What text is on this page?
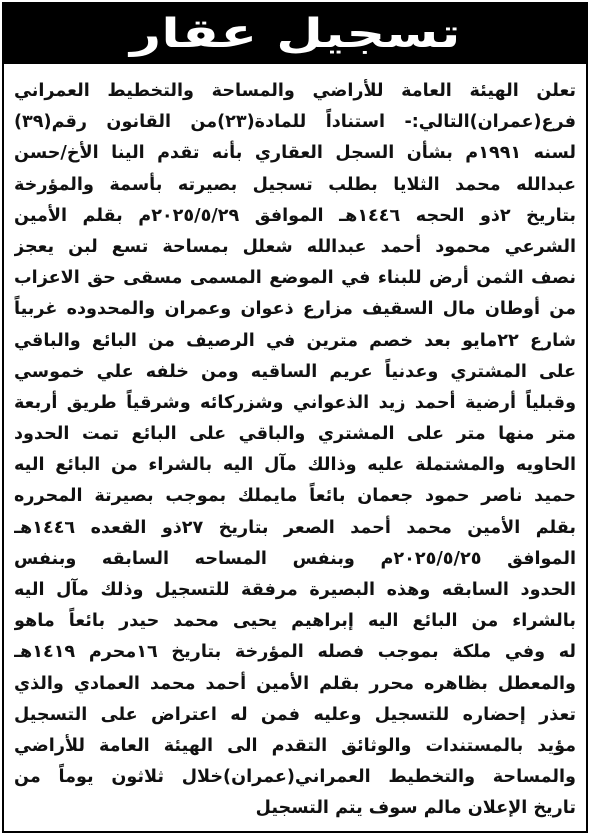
تسجيل عقار
تعلن الهيئة العامة للأراضي والمساحة والتخطيط العمراني
فرع(عمران)التالي:- استناداً للمادة(٢٣)من القانون رقم(٣٩)
لسنه ١٩٩١م بشأن السجل العقاري بأنه تقدم الينا الأخ/حسن
عبدالله محمد الثلايا بطلب تسجيل بصيرته بأسمة والمؤرخة
بتاريخ ٢ذو الحجه ١٤٤٦هـ الموافق ٢٠٢٥/٥/٢٩م بقلم الأمين
الشرعي محمود أحمد عبدالله شعلل بمساحة تسع لبن يعجز
نصف الثمن أرض للبناء في الموضع المسمى مسقى حق الاعزاب
من أوطان مال السقيف مزارع ذعوان وعمران والمحدوده غربياً
شارع ٢٢مايو بعد خصم مترين في الرصيف من البائع والباقي
على المشتري وعدنياً عريم الساقيه ومن خلفه علي خموسي
وقبلياً أرضية أحمد زيد الذعواني وشزركائه وشرقياً طريق أربعة
متر منها متر على المشتري والباقي على البائع تمت الحدود
الحاويه والمشتملة عليه وذالك مآل اليه بالشراء من البائع اليه
حميد ناصر حمود جعمان بائعاً مايملك بموجب بصيرتة المحرره
بقلم الأمين محمد أحمد الصعر بتاريخ ٢٧ذو القعده ١٤٤٦هـ
الموافق ٢٠٢٥/٥/٢٥م وبنفس المساحه السابقه وبنفس
الحدود السابقه وهذه البصيرة مرفقة للتسجيل وذلك مآل اليه
بالشراء من البائع اليه إبراهيم يحيى محمد حيدر بائعاً ماهو
له وفي ملكة بموجب فصله المؤرخة بتاريخ ١٦محرم ١٤١٩هـ
والمعطل بظاهره محرر بقلم الأمين أحمد محمد العمادي والذي
تعذر إحضاره للتسجيل وعليه فمن له اعتراض على التسجيل
مؤيد بالمستندات والوثائق التقدم الى الهيئة العامة للأراضي
والمساحة والتخطيط العمراني(عمران)خلال ثلاثون يوماً من
تاريخ الإعلان مالم سوف يتم التسجيل
